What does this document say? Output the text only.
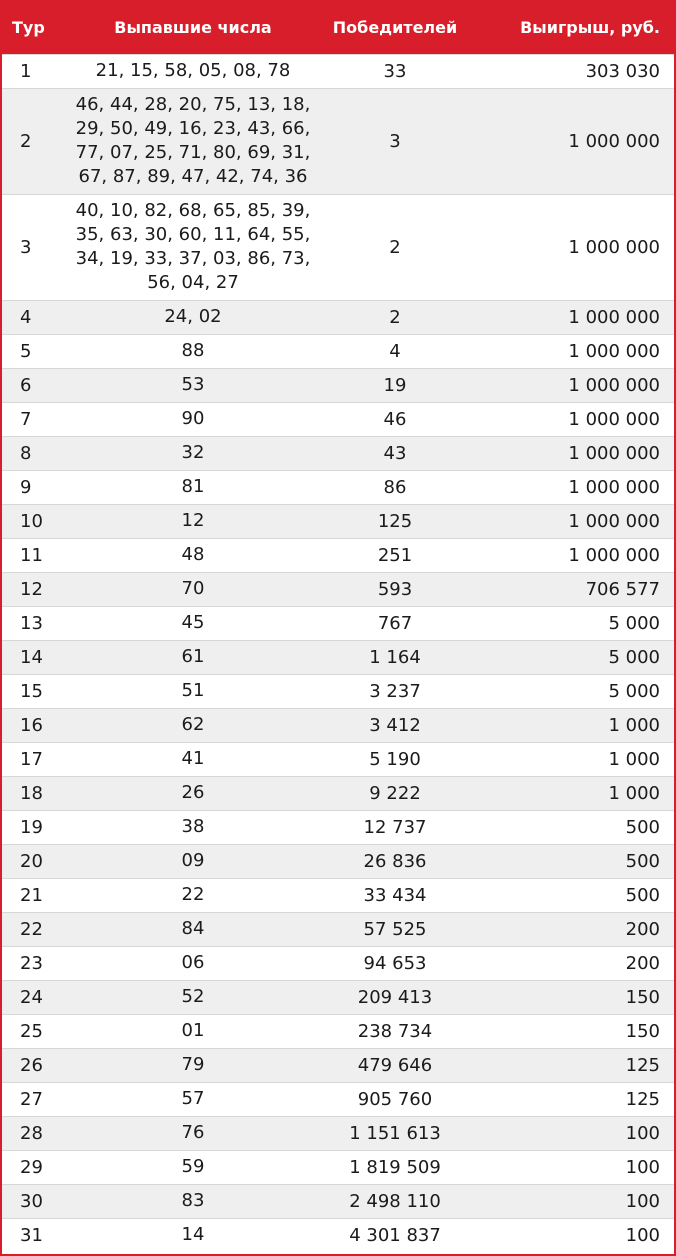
Тур	Выпавшие числа	Победителей	Выигрыш, руб.
1	21, 15, 58, 05, 08, 78	33	303 030
2	46, 44, 28, 20, 75, 13, 18, 29, 50, 49, 16, 23, 43, 66, 77, 07, 25, 71, 80, 69, 31, 67, 87, 89, 47, 42, 74, 36	3	1 000 000
3	40, 10, 82, 68, 65, 85, 39, 35, 63, 30, 60, 11, 64, 55, 34, 19, 33, 37, 03, 86, 73, 56, 04, 27	2	1 000 000
4	24, 02	2	1 000 000
5	88	4	1 000 000
6	53	19	1 000 000
7	90	46	1 000 000
8	32	43	1 000 000
9	81	86	1 000 000
10	12	125	1 000 000
11	48	251	1 000 000
12	70	593	706 577
13	45	767	5 000
14	61	1 164	5 000
15	51	3 237	5 000
16	62	3 412	1 000
17	41	5 190	1 000
18	26	9 222	1 000
19	38	12 737	500
20	09	26 836	500
21	22	33 434	500
22	84	57 525	200
23	06	94 653	200
24	52	209 413	150
25	01	238 734	150
26	79	479 646	125
27	57	905 760	125
28	76	1 151 613	100
29	59	1 819 509	100
30	83	2 498 110	100
31	14	4 301 837	100
